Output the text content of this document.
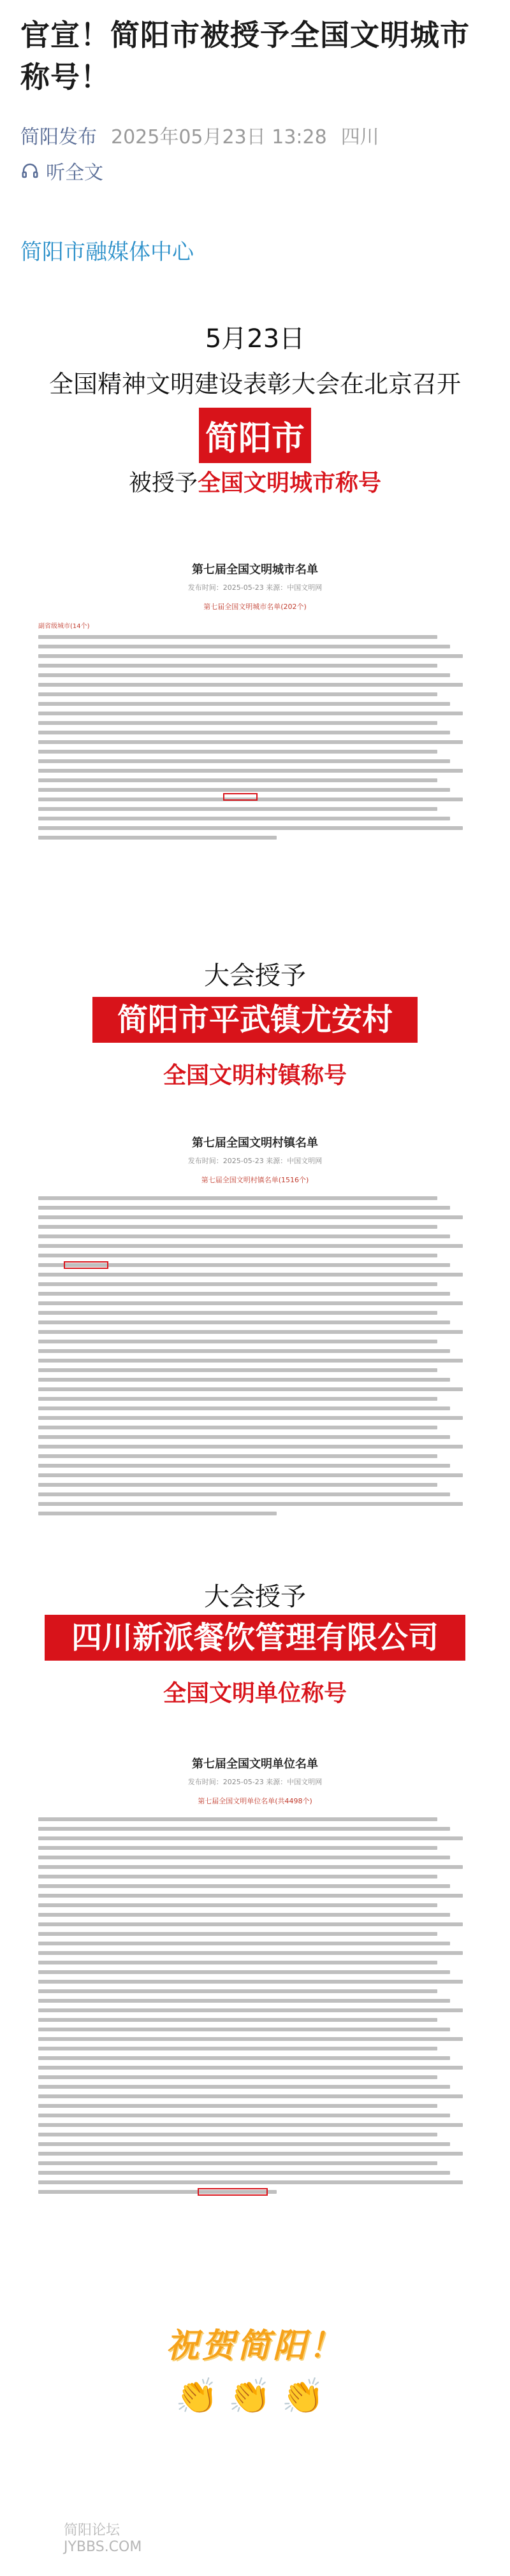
官宣！简阳市被授予全国文明城市称号！
简阳发布 2025年05月23日 13:28 四川
听全文
简阳市融媒体中心
5月23日
全国精神文明建设表彰大会在北京召开
简阳市
被授予全国文明城市称号
第七届全国文明城市名单
发布时间：2025-05-23 来源：中国文明网
第七届全国文明城市名单(202个)
副省级城市(14个)
大会授予
简阳市平武镇尤安村
全国文明村镇称号
第七届全国文明村镇名单
发布时间：2025-05-23 来源：中国文明网
第七届全国文明村镇名单(1516个)
大会授予
四川新派餐饮管理有限公司
全国文明单位称号
第七届全国文明单位名单
发布时间：2025-05-23 来源：中国文明网
第七届全国文明单位名单(共4498个)
祝贺简阳！
👏👏👏
简阳论坛
JYBBS.COM
